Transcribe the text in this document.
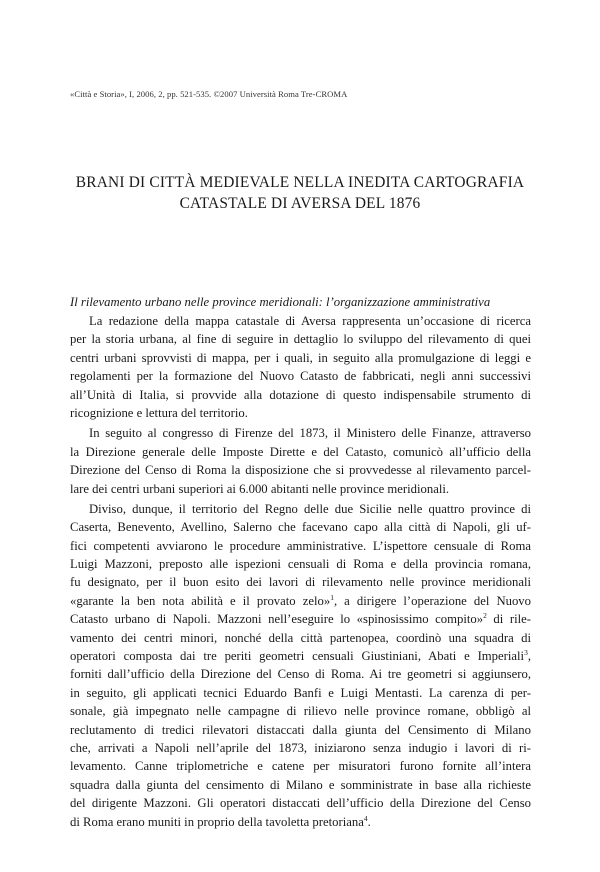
«Città e Storia», I, 2006, 2, pp. 521-535. ©2007 Università Roma Tre-CROMA
BRANI DI CITTÀ MEDIEVALE NELLA INEDITA CARTOGRAFIA
CATASTALE DI AVERSA DEL 1876
Il rilevamento urbano nelle province meridionali: l’organizzazione amministrativa
La redazione della mappa catastale di Aversa rappresenta un’occasione di ricerca
per la storia urbana, al fine di seguire in dettaglio lo sviluppo del rilevamento di quei
centri urbani sprovvisti di mappa, per i quali, in seguito alla promulgazione di leggi e
regolamenti per la formazione del Nuovo Catasto de fabbricati, negli anni successivi
all’Unità di Italia, si provvide alla dotazione di questo indispensabile strumento di
ricognizione e lettura del territorio.
In seguito al congresso di Firenze del 1873, il Ministero delle Finanze, attraverso
la Direzione generale delle Imposte Dirette e del Catasto, comunicò all’ufficio della
Direzione del Censo di Roma la disposizione che si provvedesse al rilevamento parcel-
lare dei centri urbani superiori ai 6.000 abitanti nelle province meridionali.
Diviso, dunque, il territorio del Regno delle due Sicilie nelle quattro province di
Caserta, Benevento, Avellino, Salerno che facevano capo alla città di Napoli, gli uf-
fici competenti avviarono le procedure amministrative. L’ispettore censuale di Roma
Luigi Mazzoni, preposto alle ispezioni censuali di Roma e della provincia romana,
fu designato, per il buon esito dei lavori di rilevamento nelle province meridionali
«garante la ben nota abilità e il provato zelo»$^1$, a dirigere l’operazione del Nuovo
Catasto urbano di Napoli. Mazzoni nell’eseguire lo «spinosissimo compito»$^2$ di rile-
vamento dei centri minori, nonché della città partenopea, coordinò una squadra di
operatori composta dai tre periti geometri censuali Giustiniani, Abati e Imperiali$^3$,
forniti dall’ufficio della Direzione del Censo di Roma. Ai tre geometri si aggiunsero,
in seguito, gli applicati tecnici Eduardo Banfi e Luigi Mentasti. La carenza di per-
sonale, già impegnato nelle campagne di rilievo nelle province romane, obbligò al
reclutamento di tredici rilevatori distaccati dalla giunta del Censimento di Milano
che, arrivati a Napoli nell’aprile del 1873, iniziarono senza indugio i lavori di ri-
levamento. Canne triplometriche e catene per misuratori furono fornite all’intera
squadra dalla giunta del censimento di Milano e somministrate in base alla richieste
del dirigente Mazzoni. Gli operatori distaccati dell’ufficio della Direzione del Censo
di Roma erano muniti in proprio della tavoletta pretoriana$^4$.
